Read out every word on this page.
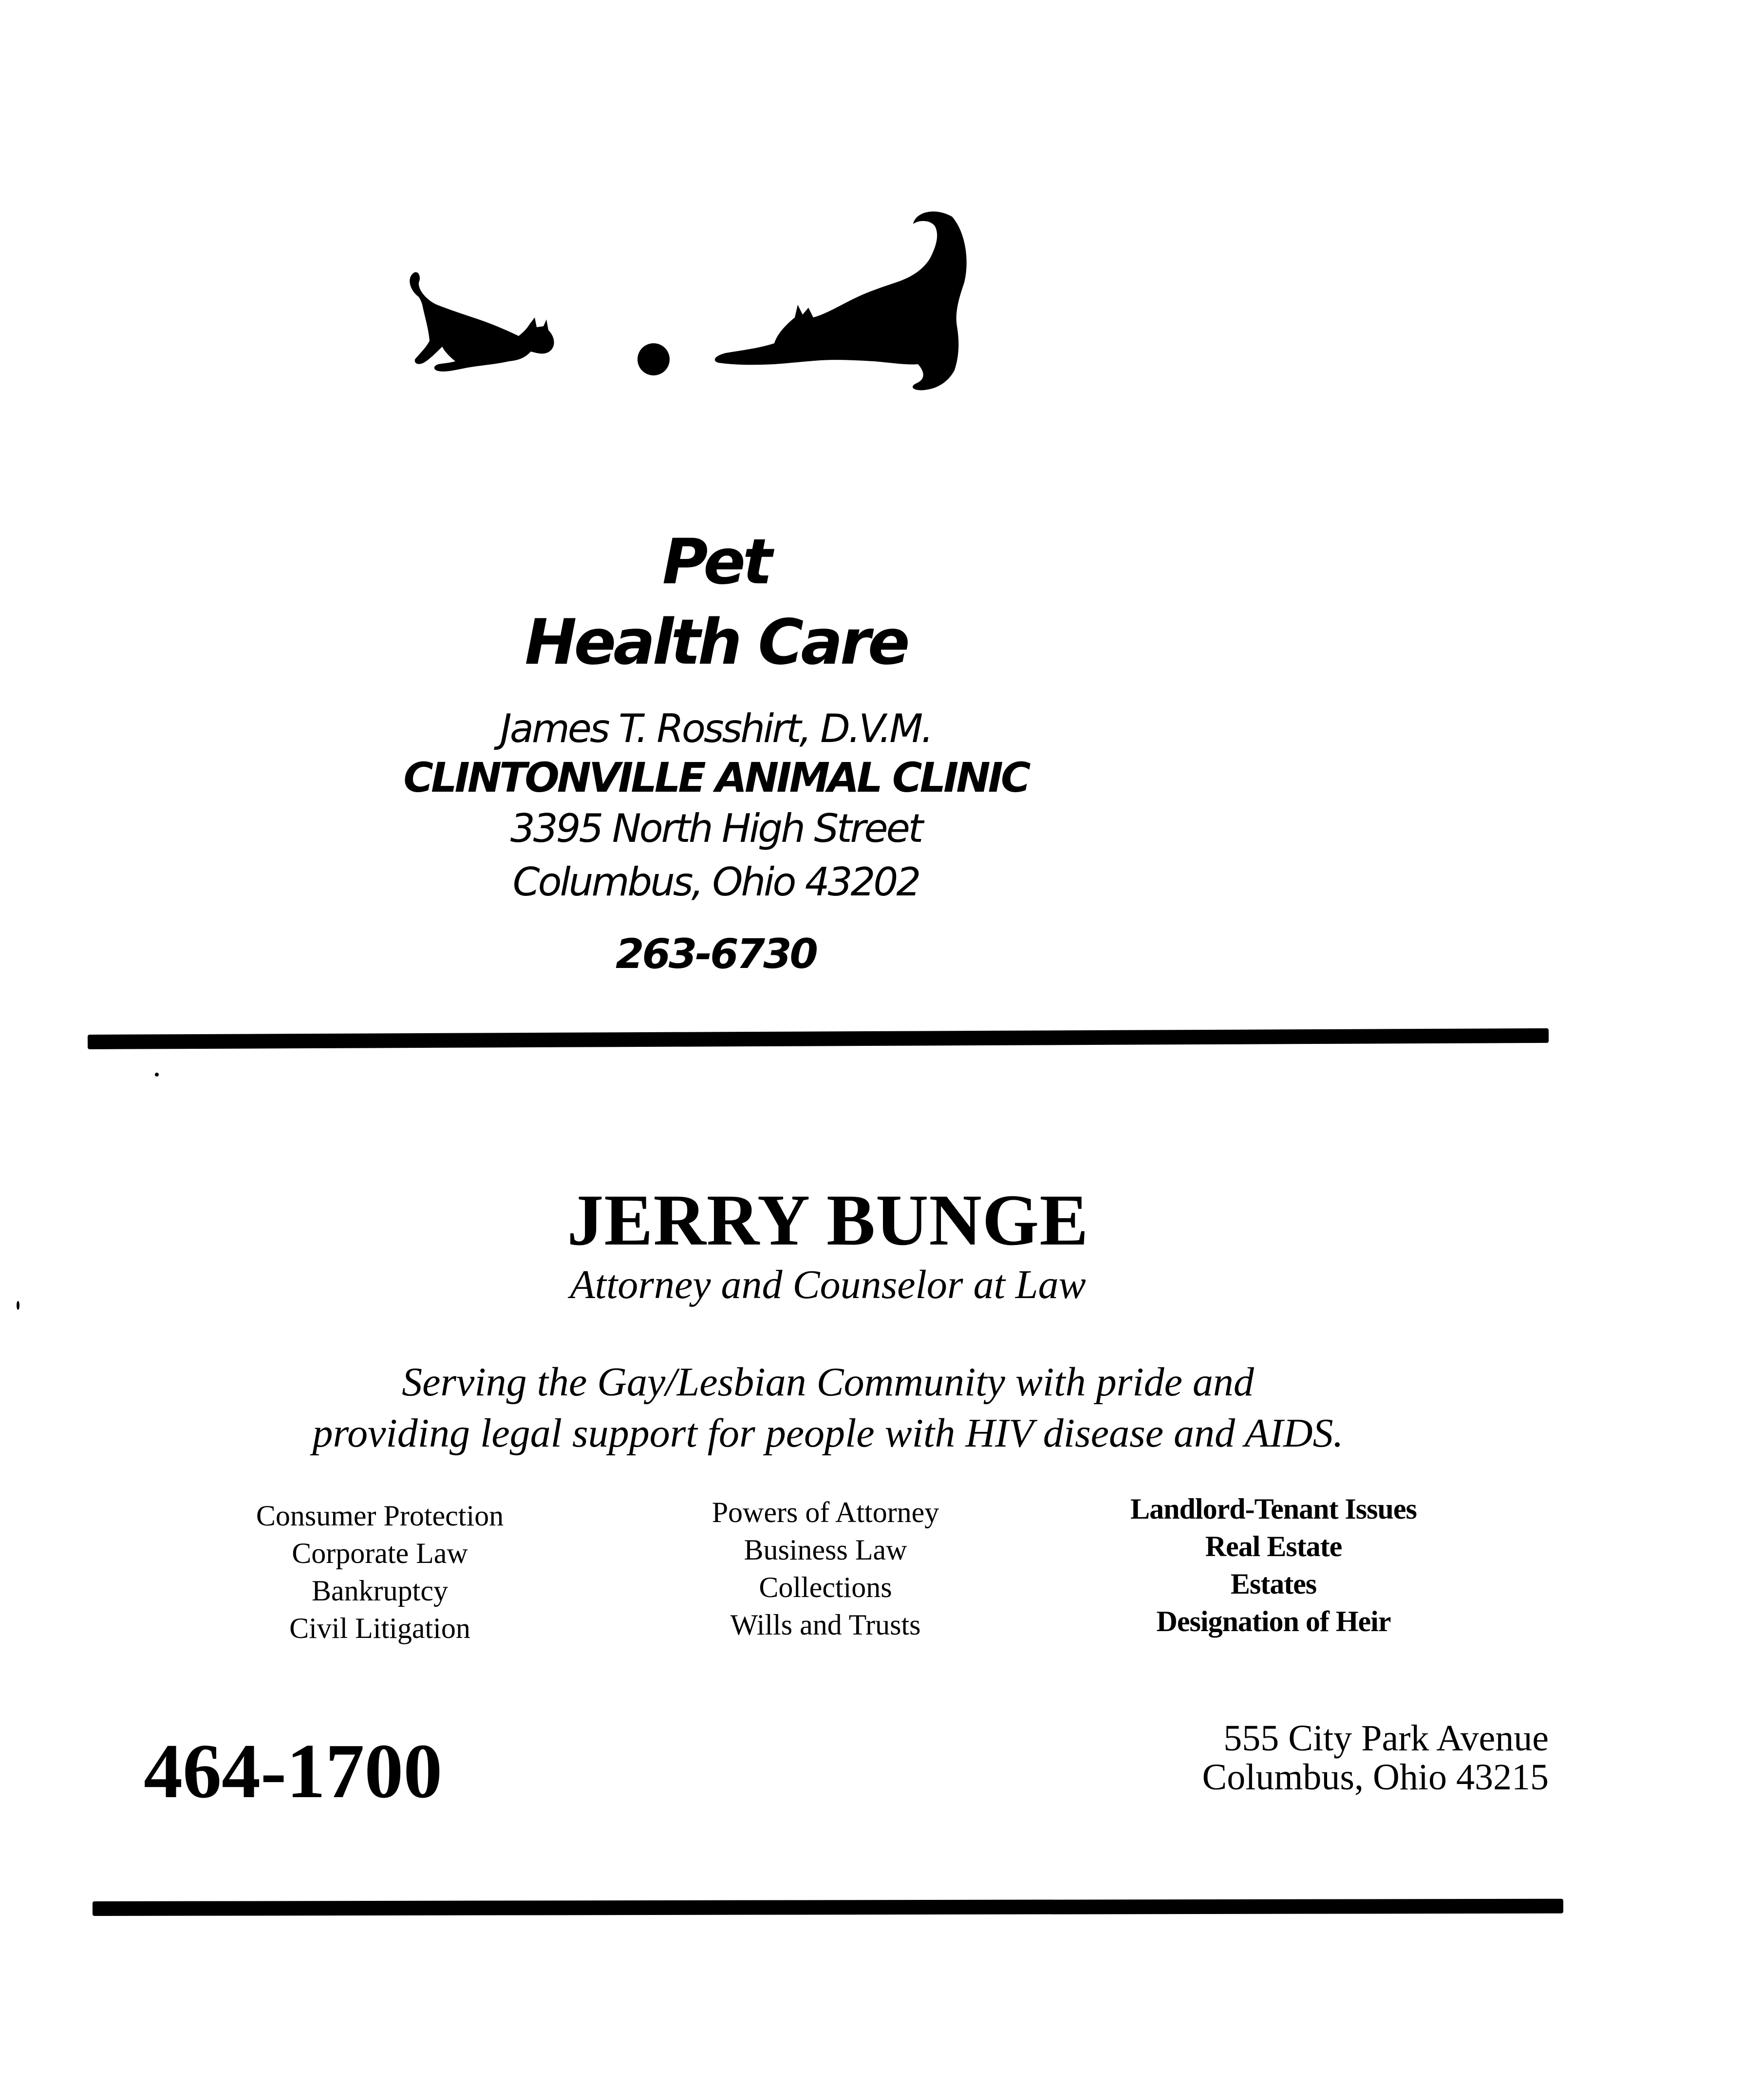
Pet
Health Care
James T. Rosshirt, D.V.M.
CLINTONVILLE ANIMAL CLINIC
3395 North High Street
Columbus, Ohio 43202
263-6730
JERRY BUNGE
Attorney and Counselor at Law
Serving the Gay/Lesbian Community with pride and
providing legal support for people with HIV disease and AIDS.
Consumer Protection
Corporate Law
Bankruptcy
Civil Litigation
Powers of Attorney
Business Law
Collections
Wills and Trusts
Landlord-Tenant Issues
Real Estate
Estates
Designation of Heir
464-1700	555 City Park Avenue
Columbus, Ohio 43215
